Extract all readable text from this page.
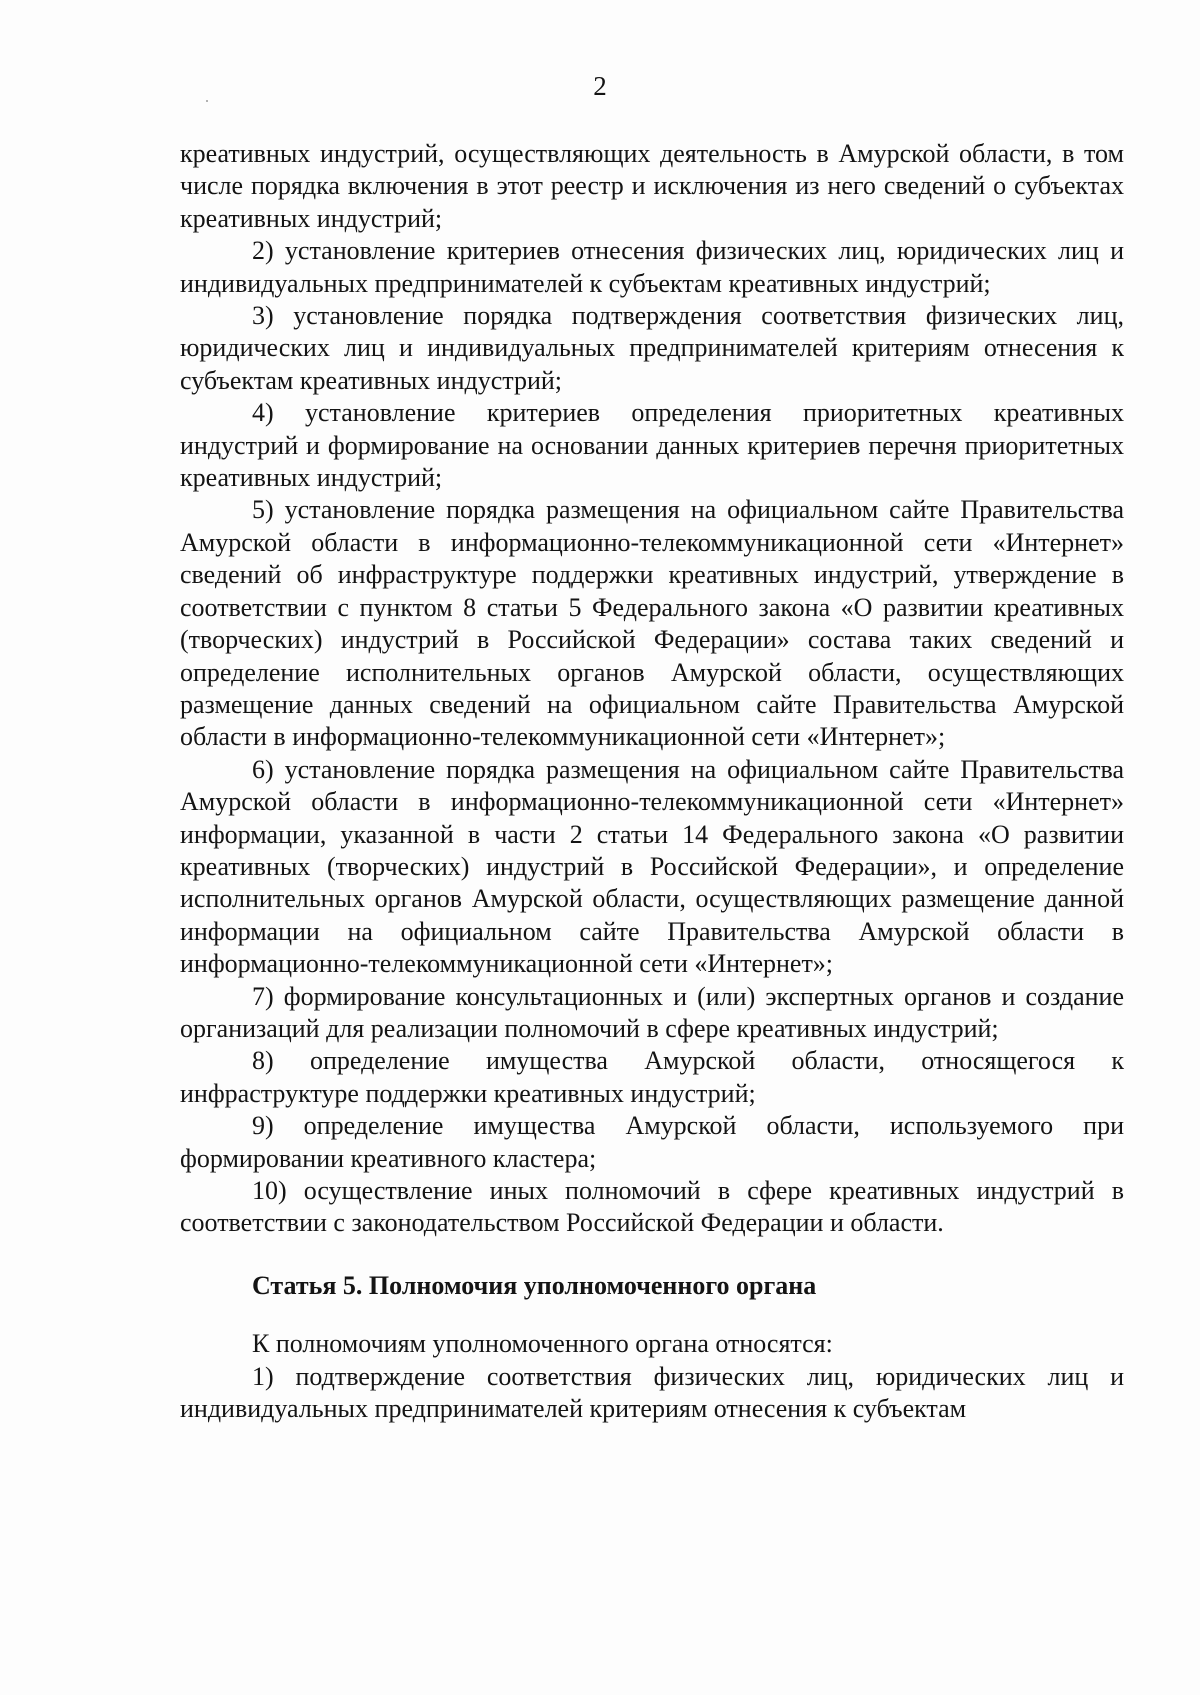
2

креативных индустрий, осуществляющих деятельность в Амурской области, в том числе порядка включения в этот реестр и исключения из него сведений о субъектах креативных индустрий;

2) установление критериев отнесения физических лиц, юридических лиц и индивидуальных предпринимателей к субъектам креативных индустрий;

3) установление порядка подтверждения соответствия физических лиц, юридических лиц и индивидуальных предпринимателей критериям отнесения к субъектам креативных индустрий;

4) установление критериев определения приоритетных креативных индустрий и формирование на основании данных критериев перечня приоритетных креативных индустрий;

5) установление порядка размещения на официальном сайте Правительства Амурской области в информационно-телекоммуникационной сети «Интернет» сведений об инфраструктуре поддержки креативных индустрий, утверждение в соответствии с пунктом 8 статьи 5 Федерального закона «О развитии креативных (творческих) индустрий в Российской Федерации» состава таких сведений и определение исполнительных органов Амурской области, осуществляющих размещение данных сведений на официальном сайте Правительства Амурской области в информационно-телекоммуникационной сети «Интернет»;

6) установление порядка размещения на официальном сайте Правительства Амурской области в информационно-телекоммуникационной сети «Интернет» информации, указанной в части 2 статьи 14 Федерального закона «О развитии креативных (творческих) индустрий в Российской Федерации», и определение исполнительных органов Амурской области, осуществляющих размещение данной информации на официальном сайте Правительства Амурской области в информационно-телекоммуникационной сети «Интернет»;

7) формирование консультационных и (или) экспертных органов и создание организаций для реализации полномочий в сфере креативных индустрий;

8) определение имущества Амурской области, относящегося к инфраструктуре поддержки креативных индустрий;

9) определение имущества Амурской области, используемого при формировании креативного кластера;

10) осуществление иных полномочий в сфере креативных индустрий в соответствии с законодательством Российской Федерации и области.

Статья 5. Полномочия уполномоченного органа

К полномочиям уполномоченного органа относятся:

1) подтверждение соответствия физических лиц, юридических лиц и индивидуальных предпринимателей критериям отнесения к субъектам
